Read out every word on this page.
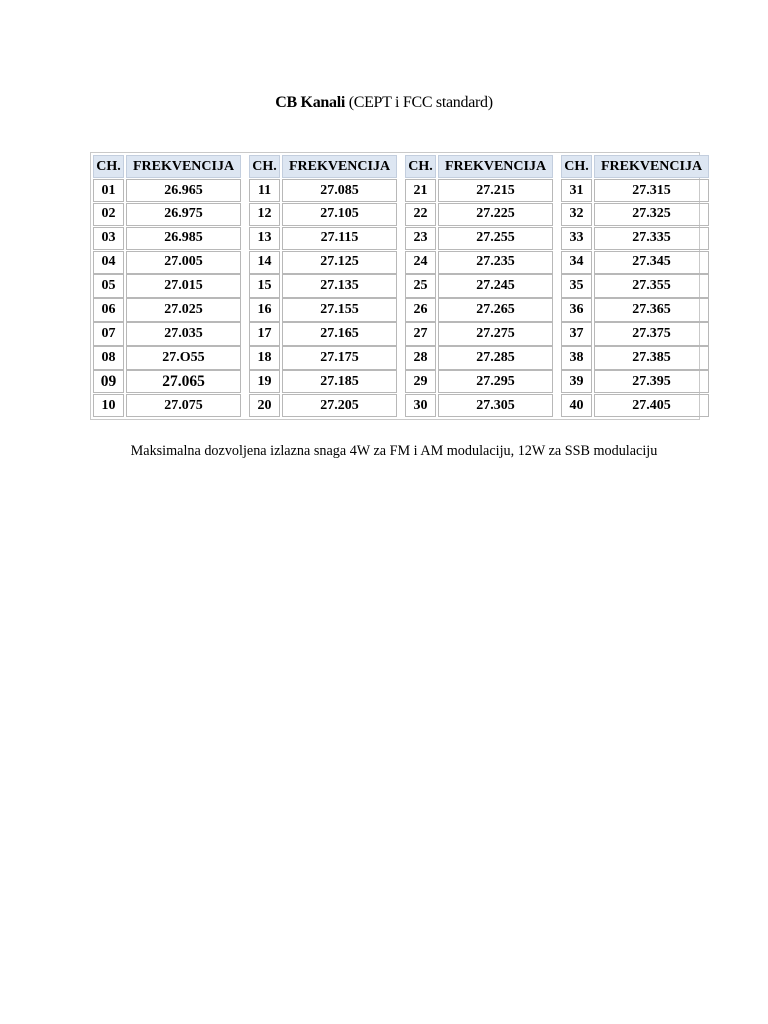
CB Kanali (CEPT i FCC standard)
CH. FREKVENCIJA	CH. FREKVENCIJA	CH. FREKVENCIJA	CH. FREKVENCIJA
01	26.965	11	27.085	21	27.215	31	27.315
02	26.975	12	27.105	22	27.225	32	27.325
03	26.985	13	27.115	23	27.255	33	27.335
04	27.005	14	27.125	24	27.235	34	27.345
05	27.015	15	27.135	25	27.245	35	27.355
06	27.025	16	27.155	26	27.265	36	27.365
07	27.035	17	27.165	27	27.275	37	27.375
08	27.O55	18	27.175	28	27.285	38	27.385
09	27.065	19	27.185	29	27.295	39	27.395
10	27.075	20	27.205	30	27.305	40	27.405
Maksimalna dozvoljena izlazna snaga 4W za FM i AM modulaciju, 12W za SSB modulaciju
